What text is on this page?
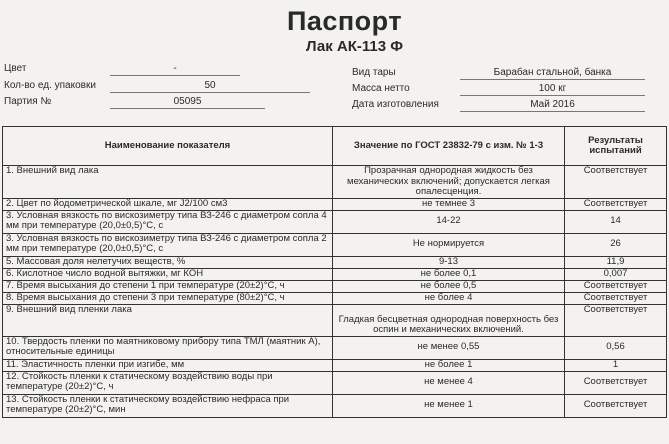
Паспорт
Лак АК-113 Ф
Цвет	-
Кол-во ед. упаковки	50
Партия №	05095
Вид тары	Барабан стальной, банка
Масса нетто	100 кг
Дата изготовления	Май 2016
Наименование показателя	Значение по ГОСТ 23832-79 с изм. № 1-3	Результаты испытаний
1. Внешний вид лака	Прозрачная однородная жидкость без механических включений; допускается легкая опалесценция.	Соответствует
2. Цвет по йодометрической шкале, мг J2/100 см3	не темнее 3	Соответствует
3. Условная вязкость по вискозиметру типа ВЗ-246 с диаметром сопла 4 мм при температуре (20,0±0,5)°С, с	14-22	14
3. Условная вязкость по вискозиметру типа ВЗ-246 с диаметром сопла 2 мм при температуре (20,0±0,5)°С, с	Не нормируется	26
5. Массовая доля нелетучих веществ, %	9-13	11,9
6. Кислотное число водной вытяжки, мг КОН	не более 0,1	0,007
7. Время высыхания до степени 1 при температуре (20±2)°С, ч	не более 0,5	Соответствует
8. Время высыхания до степени 3 при температуре (80±2)°С, ч	не более 4	Соответствует
9. Внешний вид пленки лака	Гладкая бесцветная однородная поверхность без оспин и механических включений.	Соответствует
10. Твердость пленки по маятниковому прибору типа ТМЛ (маятник А), относительные единицы	не менее 0,55	0,56
11. Эластичность пленки при изгибе, мм	не более 1	1
12. Стойкость пленки к статическому воздействию воды при температуре (20±2)°С, ч	не менее 4	Соответствует
13. Стойкость пленки к статическому воздействию нефраса при температуре (20±2)°С, мин	не менее 1	Соответствует
